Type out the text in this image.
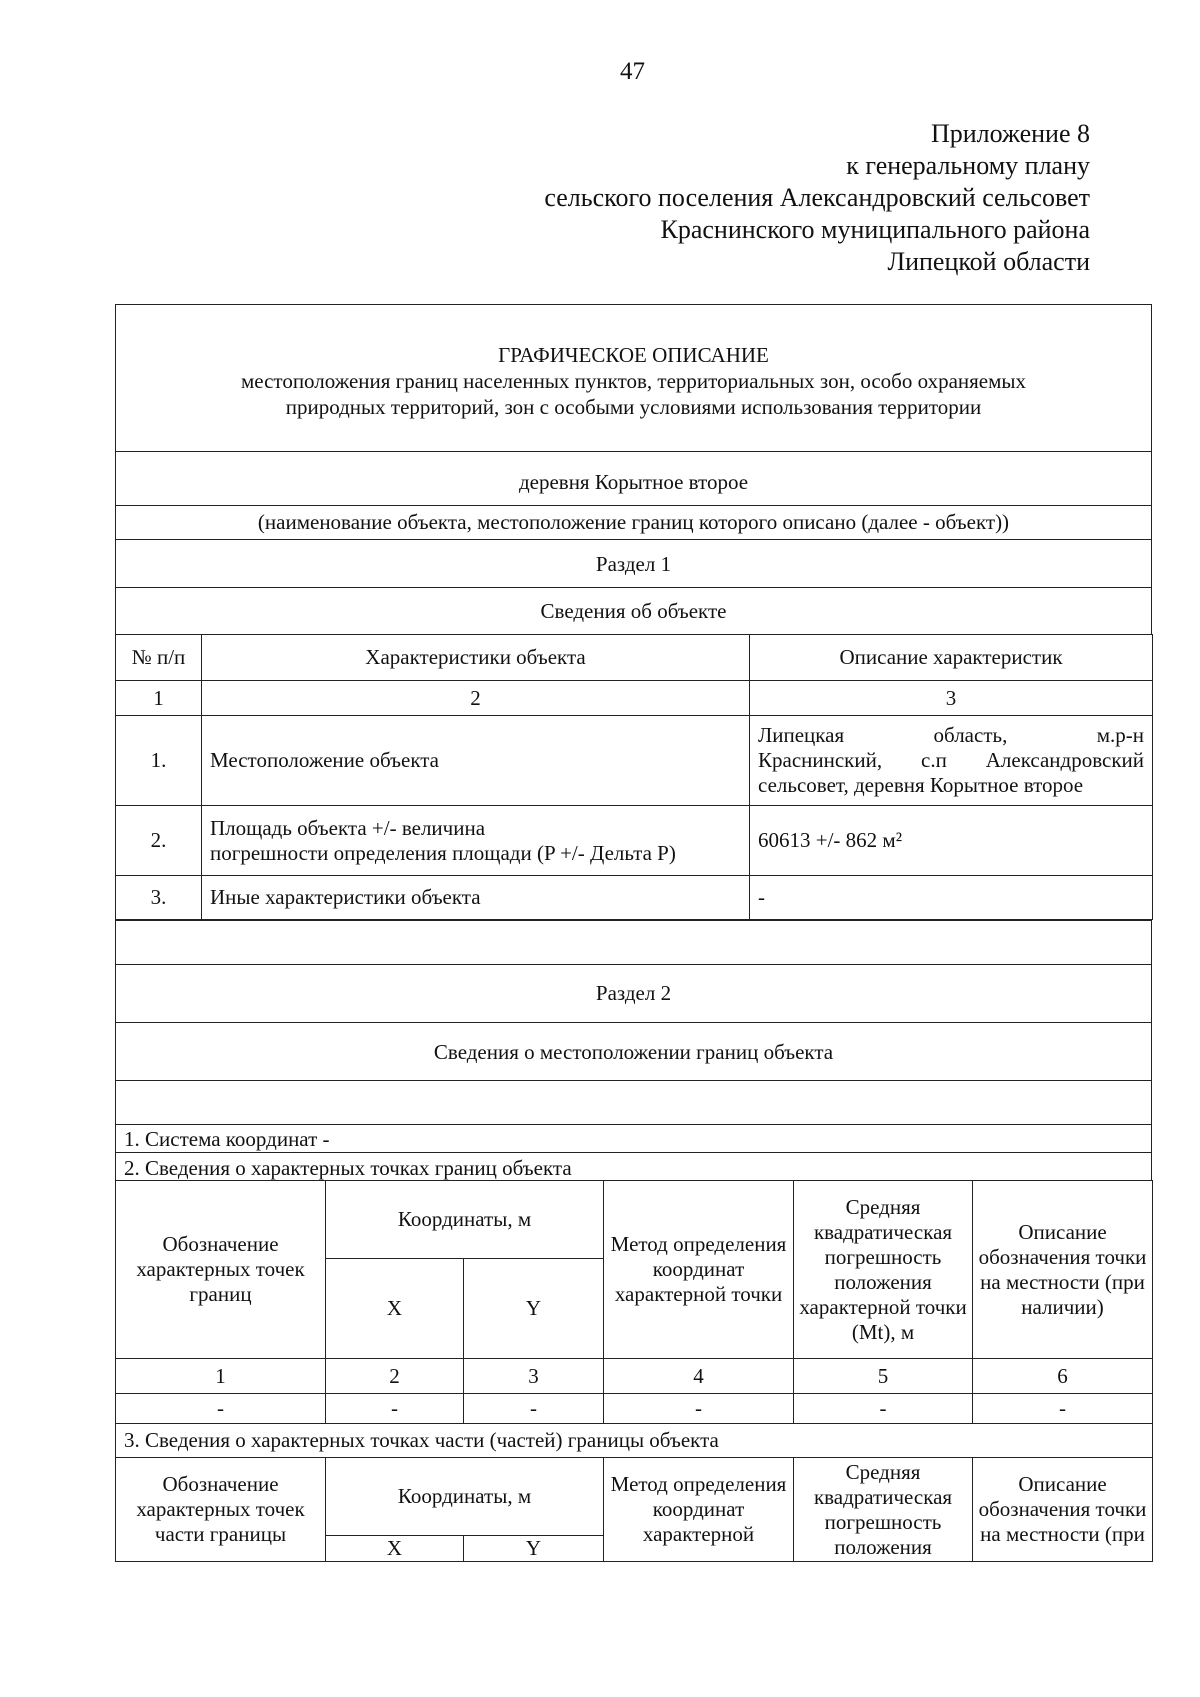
47
Приложение 8
к генеральному плану
сельского поселения Александровский сельсовет
Краснинского муниципального района
Липецкой области
ГРАФИЧЕСКОЕ ОПИСАНИЕ
местоположения границ населенных пунктов, территориальных зон, особо охраняемых
природных территорий, зон с особыми условиями использования территории
деревня Корытное второе
(наименование объекта, местоположение границ которого описано (далее - объект))
Раздел 1
Сведения об объекте
№ п/п	Характеристики объекта	Описание характеристик
1	2	3
1.	Местоположение объекта	Липецкая область, м.р-н
Краснинский, с.п Александровский
сельсовет, деревня Корытное второе

2.	Площадь объекта +/- величина
погрешности определения площади (P +/- Дельта P)	60613 +/- 862 м²
3.	Иные характеристики объекта	-
Раздел 2
Сведения о местоположении границ объекта
1. Система координат -
2. Сведения о характерных точках границ объекта
Обозначение характерных точек границ	Координаты, м		Метод определения координат характерной точки	Средняя квадратическая погрешность положения характерной точки (Mt), м	Описание обозначения точки на местности (при наличии)
	X	Y			
1	2	3	4	5	6
-	-	-	-	-	-
3. Сведения о характерных точках части (частей) границы объекта					
Обозначение характерных точек части границы	Координаты, м		Метод определения координат характерной	Средняя квадратическая погрешность положения	Описание обозначения точки на местности (при
	X	Y			
